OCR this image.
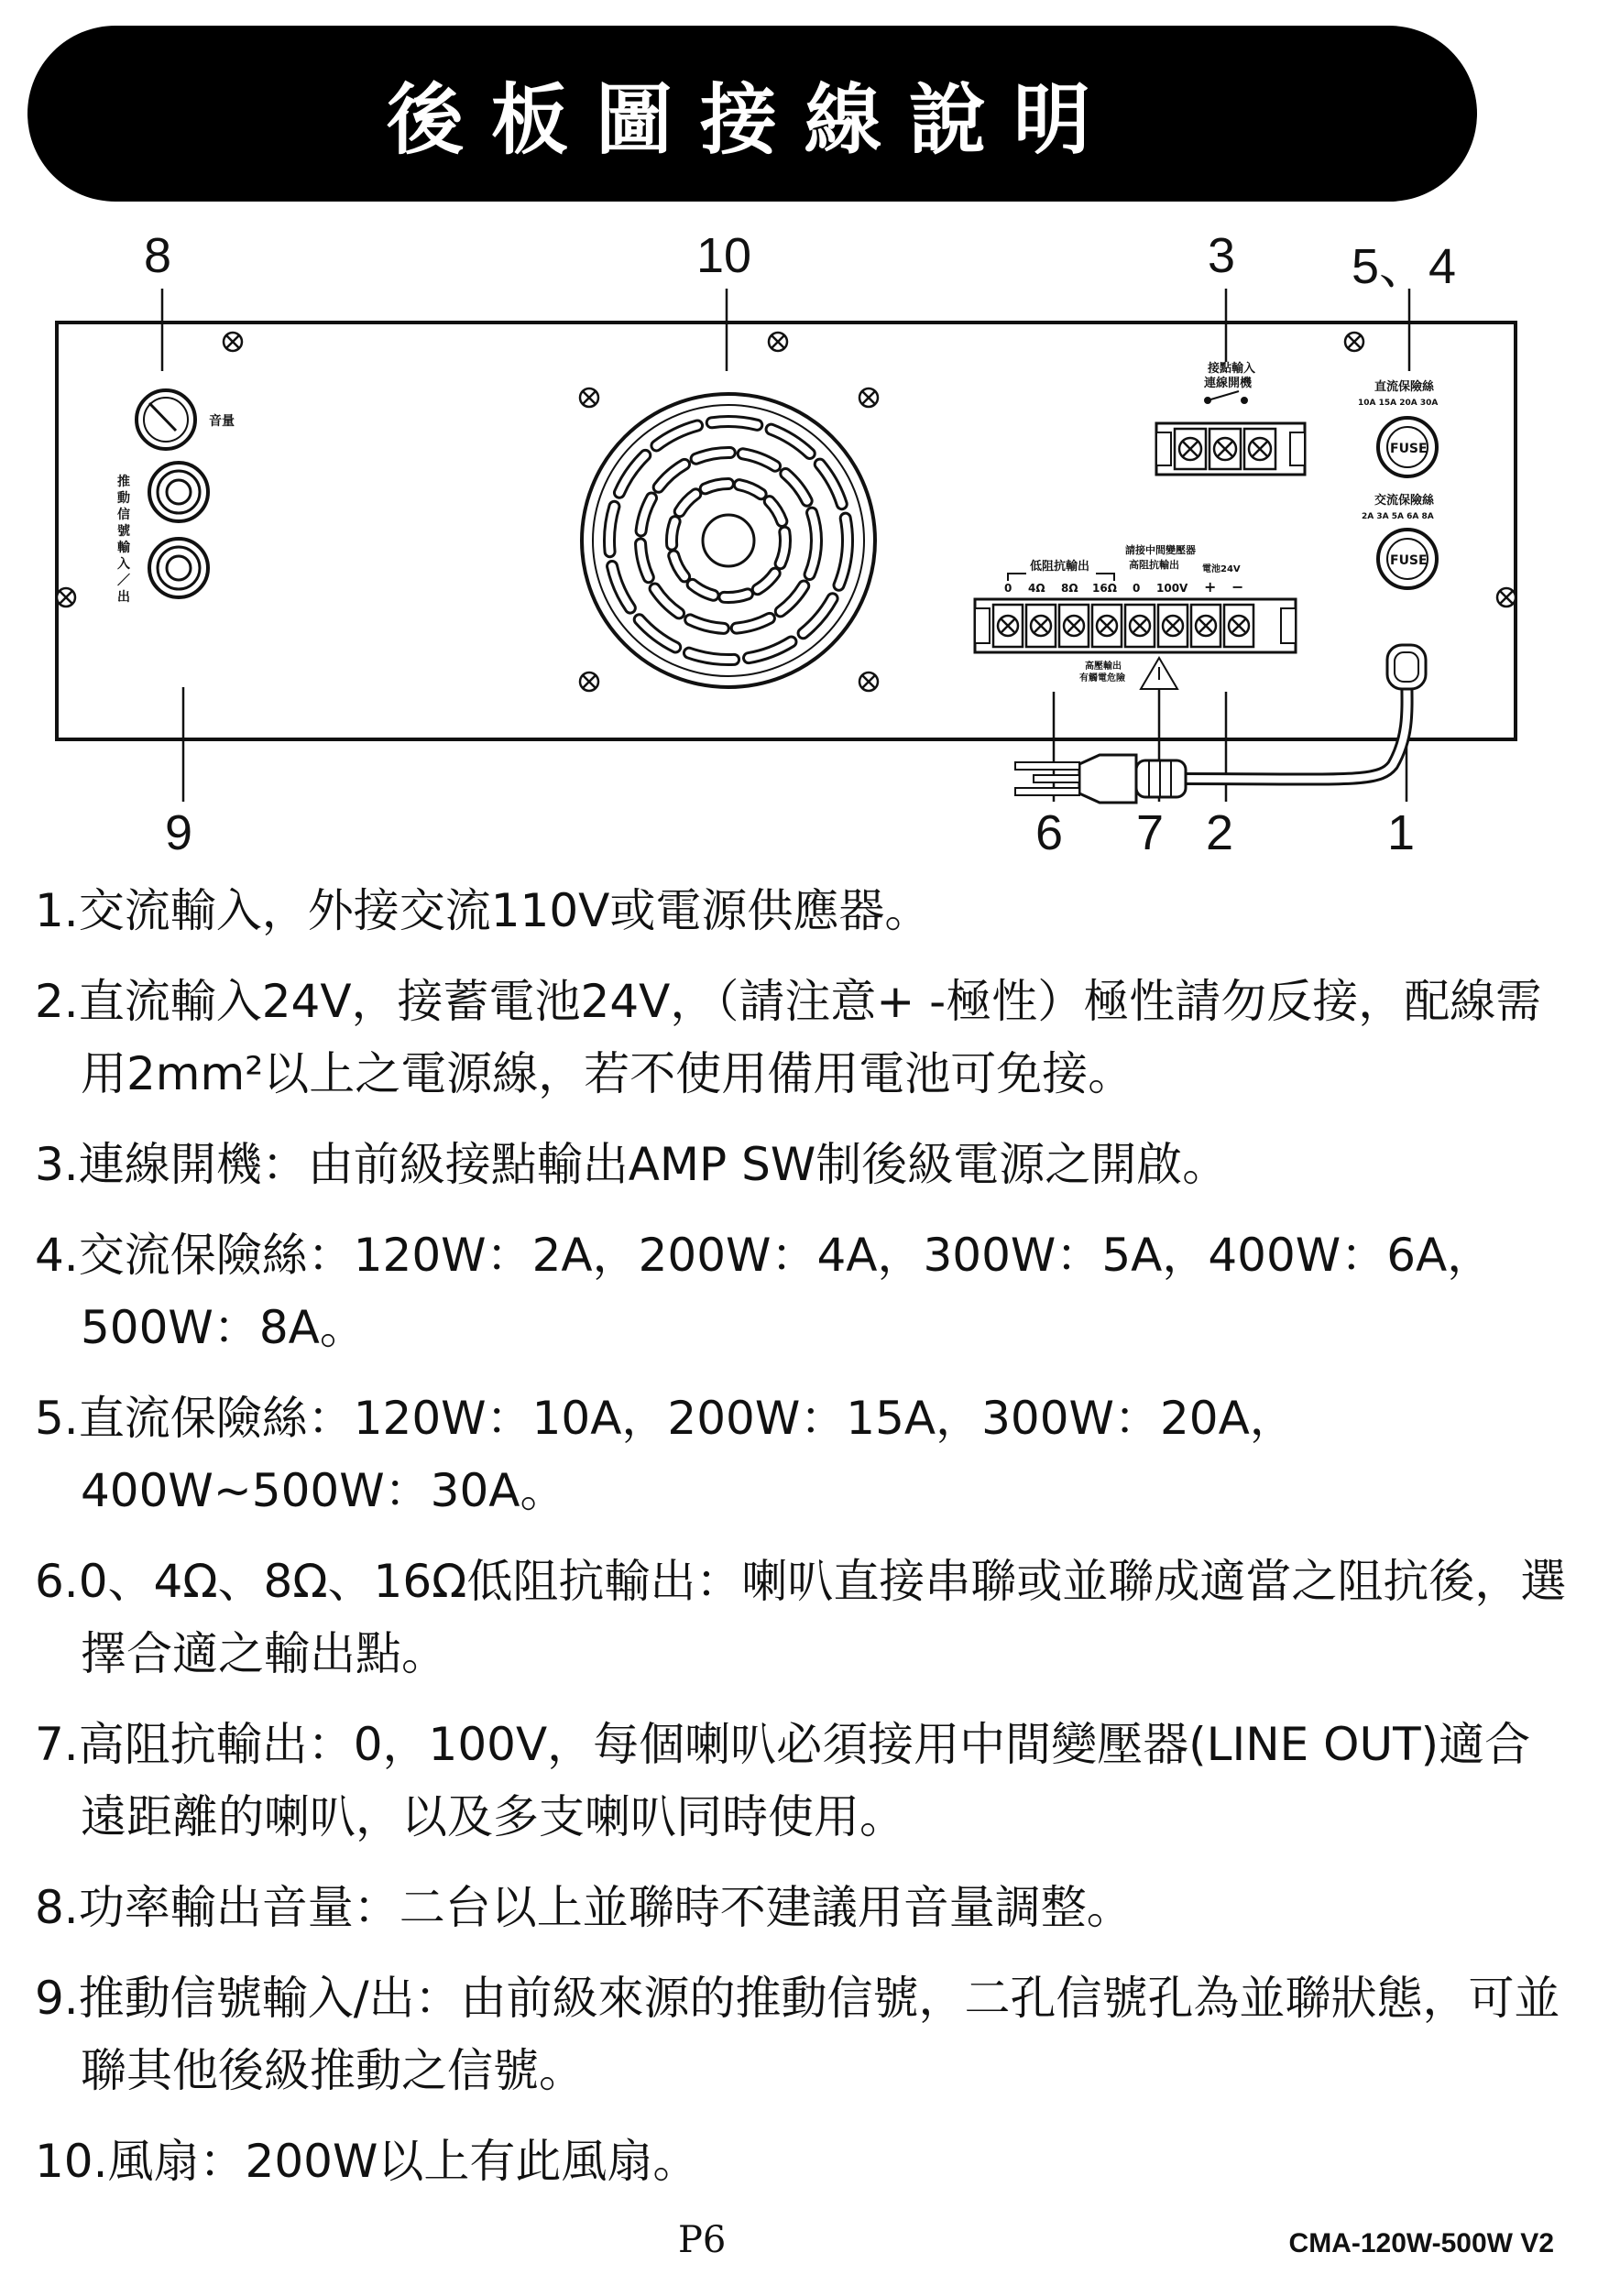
後板圖接線說明
8	10	3 5、4
9	6 7 2	1
音量
推
動
信
號
輸
入
／
出
接點輸入
連線開機	直流保險絲
10A 15A 20A 30A
FUSE
交流保險絲
2A 3A 5A 6A 8A
FUSE
低阻抗輸出
0 4Ω 8Ω 16Ω
請接中間變壓器
高阻抗輸出
0 100V
電池24V
+ −
高壓輸出
有觸電危險
1.交流輸入，外接交流110V或電源供應器。
2.直流輸入24V，接蓄電池24V，（請注意+ -極性）極性請勿反接，配線需用2mm²以上之電源線，若不使用備用電池可免接。
3.連線開機：由前級接點輸出AMP SW制後級電源之開啟。
4.交流保險絲：120W：2A，200W：4A，300W：5A，400W：6A，500W：8A。
5.直流保險絲：120W：10A，200W：15A，300W：20A，400W~500W：30A。
6.0、4Ω、8Ω、16Ω低阻抗輸出：喇叭直接串聯或並聯成適當之阻抗後，選擇合適之輸出點。
7.高阻抗輸出：0，100V，每個喇叭必須接用中間變壓器(LINE OUT)適合遠距離的喇叭，以及多支喇叭同時使用。
8.功率輸出音量：二台以上並聯時不建議用音量調整。
9.推動信號輸入/出：由前級來源的推動信號，二孔信號孔為並聯狀態，可並聯其他後級推動之信號。
10.風扇：200W以上有此風扇。
P6	CMA-120W-500W V2
